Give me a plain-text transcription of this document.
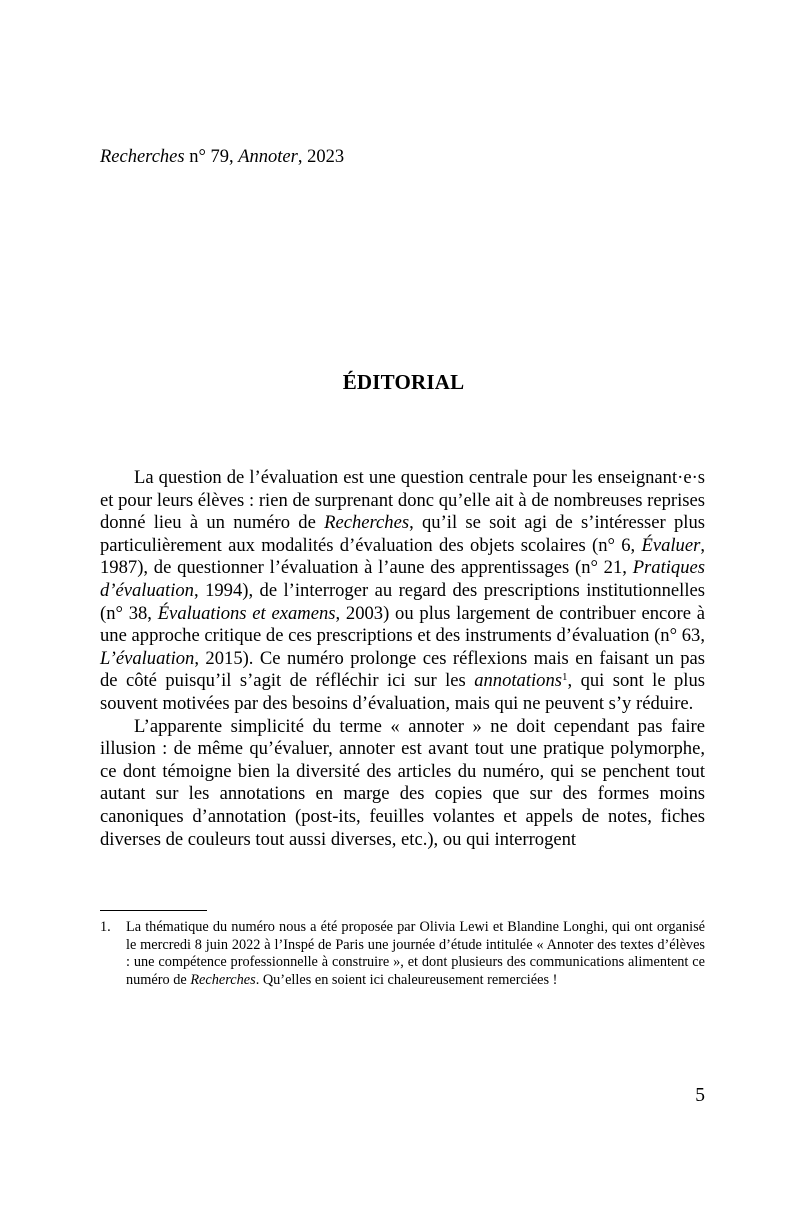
Recherches n° 79, Annoter, 2023
ÉDITORIAL

La question de l’évaluation est une question centrale pour les enseignant·e·s et pour leurs élèves : rien de surprenant donc qu’elle ait à de nombreuses reprises donné lieu à un numéro de Recherches, qu’il se soit agi de s’intéresser plus particulièrement aux modalités d’évaluation des objets scolaires (n° 6, Évaluer, 1987), de questionner l’évaluation à l’aune des apprentissages (n° 21, Pratiques d’évaluation, 1994), de l’interroger au regard des prescriptions institutionnelles (n° 38, Évaluations et examens, 2003) ou plus largement de contribuer encore à une approche critique de ces prescriptions et des instruments d’évaluation (n° 63, L’évaluation, 2015). Ce numéro prolonge ces réflexions mais en faisant un pas de côté puisqu’il s’agit de réfléchir ici sur les annotations$^1$, qui sont le plus souvent motivées par des besoins d’évaluation, mais qui ne peuvent s’y réduire.

L’apparente simplicité du terme « annoter » ne doit cependant pas faire illusion : de même qu’évaluer, annoter est avant tout une pratique polymorphe, ce dont témoigne bien la diversité des articles du numéro, qui se penchent tout autant sur les annotations en marge des copies que sur des formes moins canoniques d’annotation (post-its, feuilles volantes et appels de notes, fiches diverses de couleurs tout aussi diverses, etc.), ou qui interrogent

1.	La thématique du numéro nous a été proposée par Olivia Lewi et Blandine Longhi, qui ont organisé le mercredi 8 juin 2022 à l’Inspé de Paris une journée d’étude intitulée « Annoter des textes d’élèves : une compétence professionnelle à construire », et dont plusieurs des communications alimentent ce numéro de Recherches. Qu’elles en soient ici chaleureusement remerciées !
5
